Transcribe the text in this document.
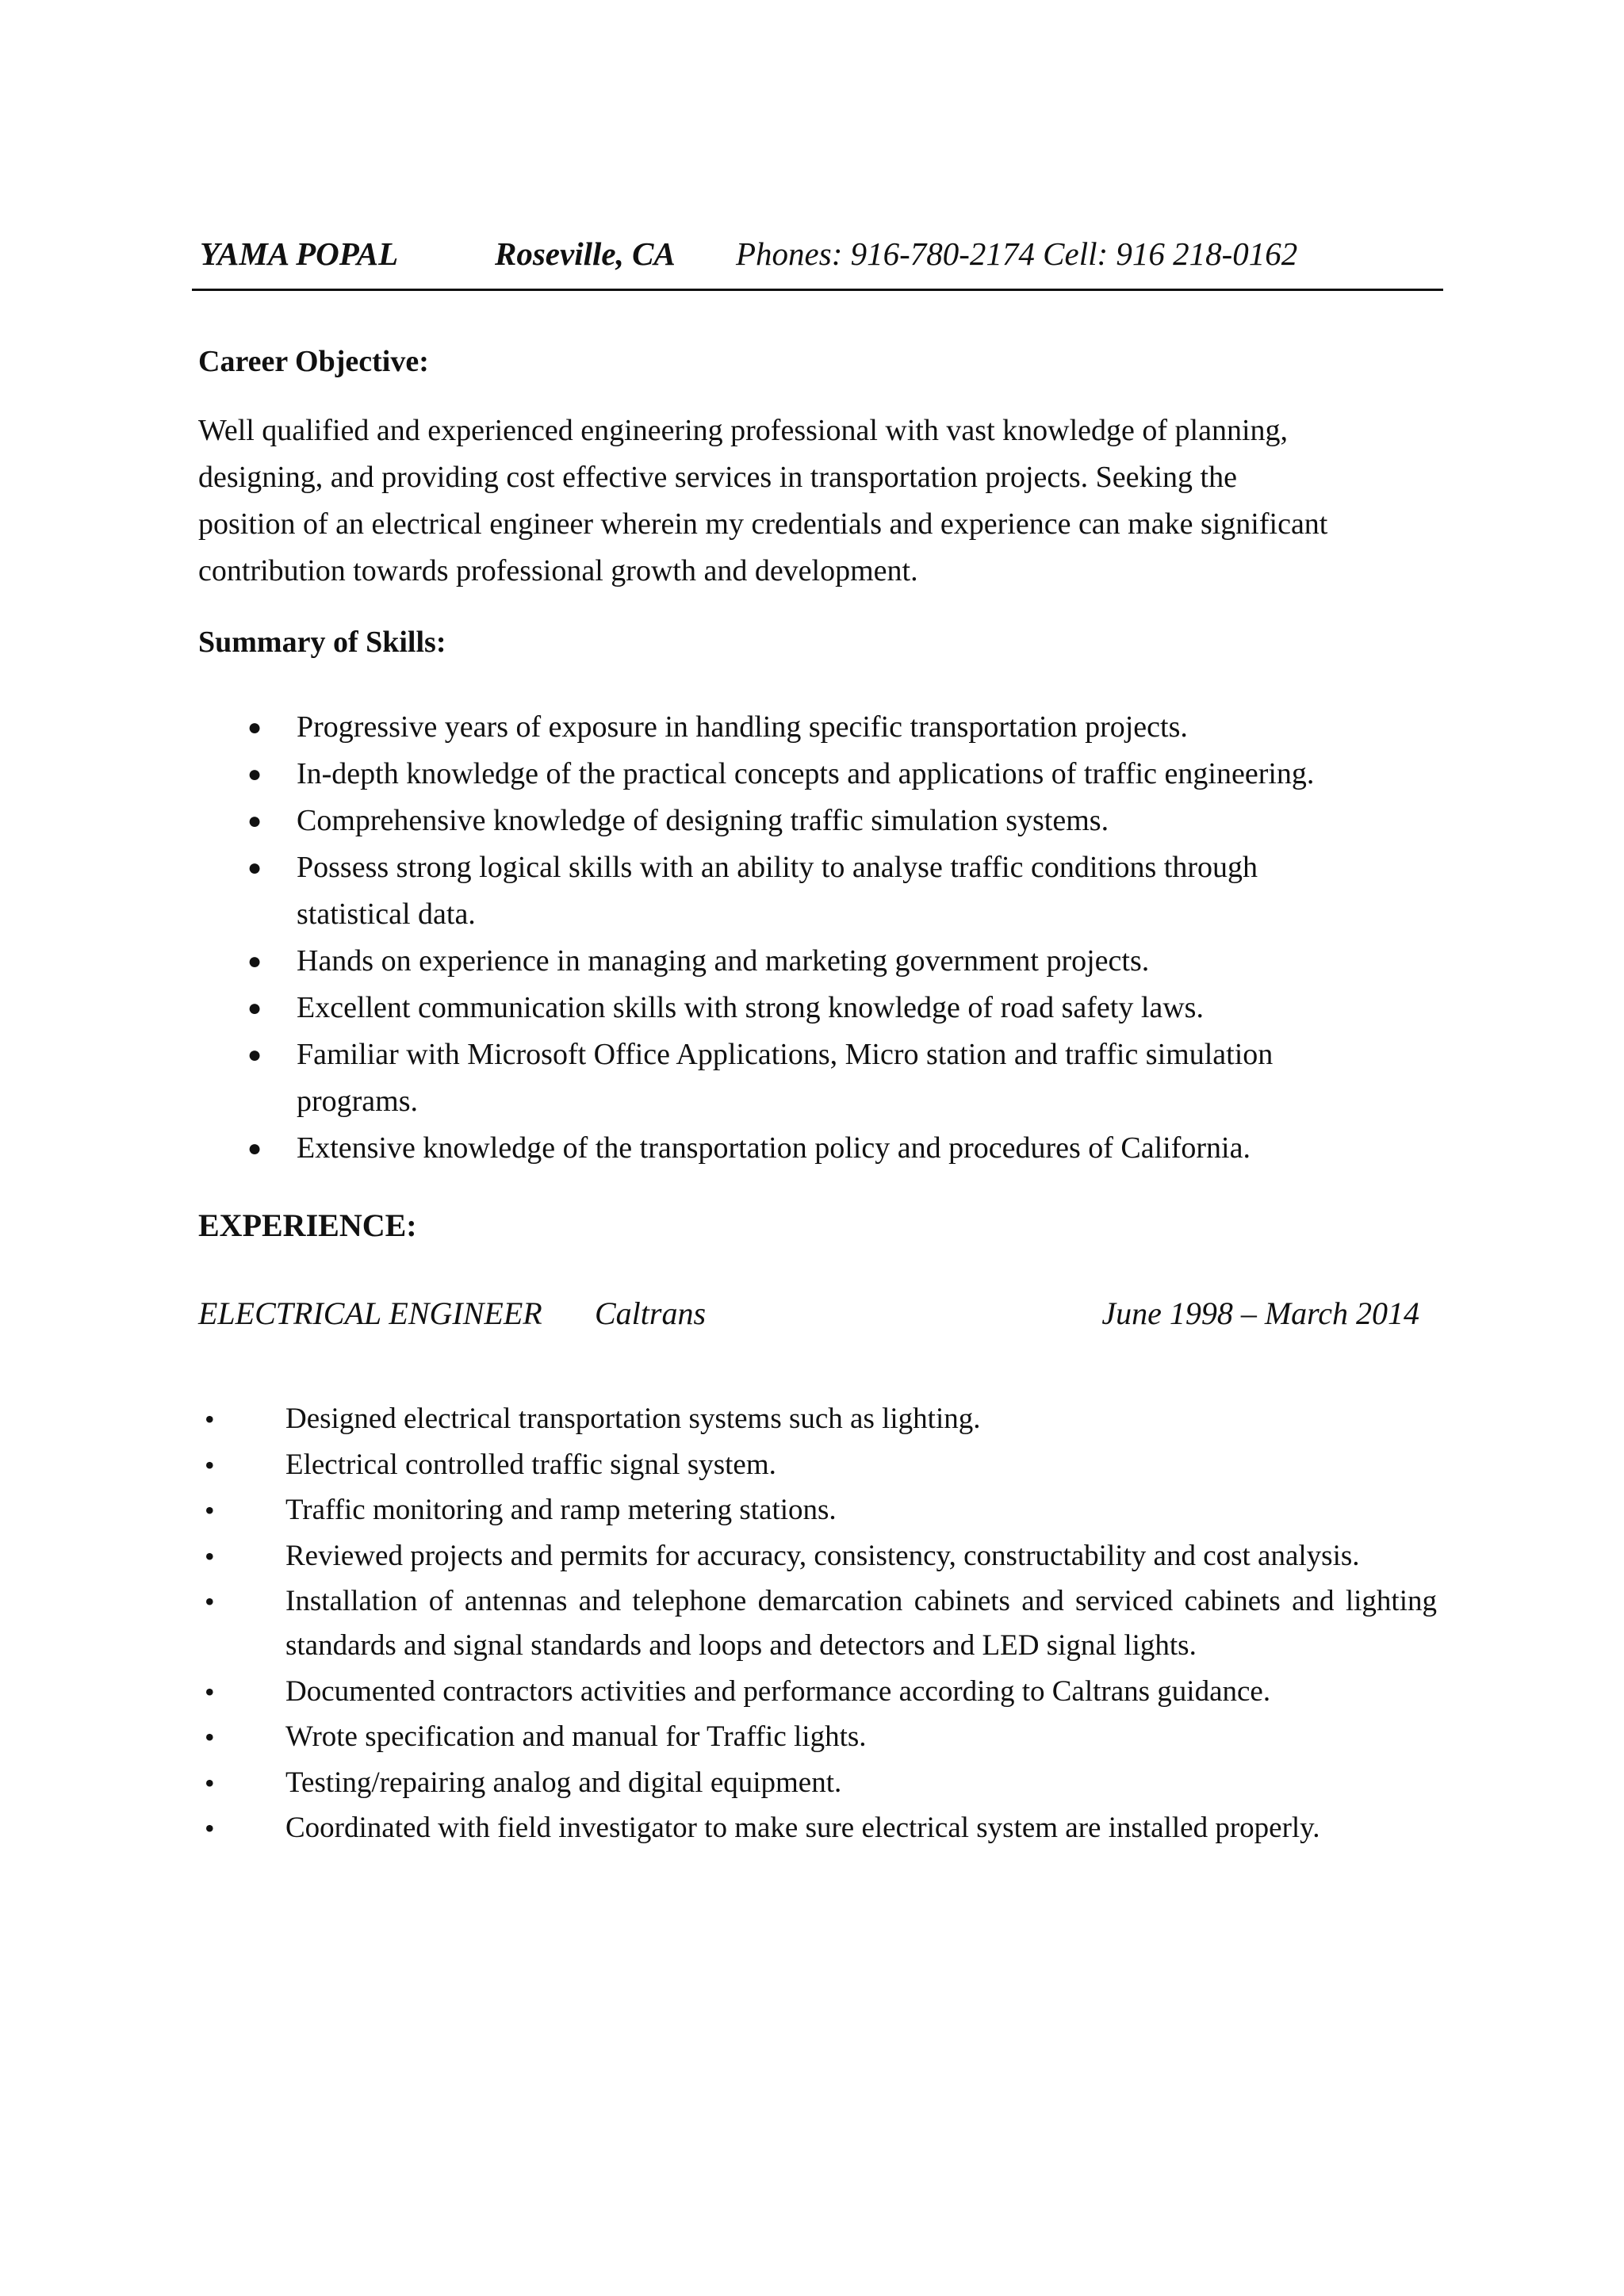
YAMA POPAL	Roseville, CA Phones: 916-780-2174 Cell: 916 218-0162
Career Objective:
Well qualified and experienced engineering professional with vast knowledge of planning,
designing, and providing cost effective services in transportation projects. Seeking the
position of an electrical engineer wherein my credentials and experience can make significant
contribution towards professional growth and development.
Summary of Skills:
● Progressive years of exposure in handling specific transportation projects.
● In-depth knowledge of the practical concepts and applications of traffic engineering.
● Comprehensive knowledge of designing traffic simulation systems.
● Possess strong logical skills with an ability to analyse traffic conditions through statistical data.
● Hands on experience in managing and marketing government projects.
● Excellent communication skills with strong knowledge of road safety laws.
● Familiar with Microsoft Office Applications, Micro station and traffic simulation programs.
● Extensive knowledge of the transportation policy and procedures of California.
EXPERIENCE:
ELECTRICAL ENGINEER Caltrans	June 1998 – March 2014
• Designed electrical transportation systems such as lighting.
• Electrical controlled traffic signal system.
• Traffic monitoring and ramp metering stations.
• Reviewed projects and permits for accuracy, consistency, constructability and cost analysis.
• Installation of antennas and telephone demarcation cabinets and serviced cabinets and lighting standards and signal standards and loops and detectors and LED signal lights.
• Documented contractors activities and performance according to Caltrans guidance.
• Wrote specification and manual for Traffic lights.
• Testing/repairing analog and digital equipment.
• Coordinated with field investigator to make sure electrical system are installed properly.
